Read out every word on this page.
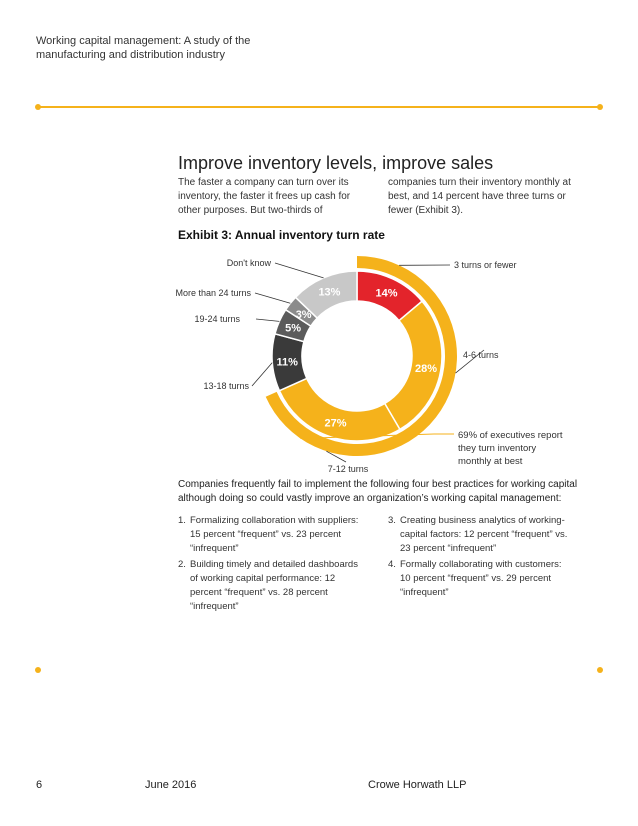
Working capital management: A study of the manufacturing and distribution industry
Improve inventory levels, improve sales
The faster a company can turn over its inventory, the faster it frees up cash for other purposes. But two-thirds of
companies turn their inventory monthly at best, and 14 percent have three turns or fewer (Exhibit 3).
Exhibit 3: Annual inventory turn rate
14%
28%
27%
11%
5%
3%
13%
3 turns or fewer
4-6 turns
7-12 turns
13-18 turns
19-24 turns
More than 24 turns
Don't know
69% of executives report they turn inventory monthly at best
Companies frequently fail to implement the following four best practices for working capital although doing so could vastly improve an organization’s working capital management:
1. Formalizing collaboration with suppliers: 15 percent “frequent” vs. 23 percent “infrequent”
2. Building timely and detailed dashboards of working capital performance: 12 percent “frequent” vs. 28 percent “infrequent”
3. Creating business analytics of working-capital factors: 12 percent “frequent” vs. 23 percent “infrequent”
4. Formally collaborating with customers: 10 percent “frequent” vs. 29 percent “infrequent”
6	June 2016	Crowe Horwath LLP
